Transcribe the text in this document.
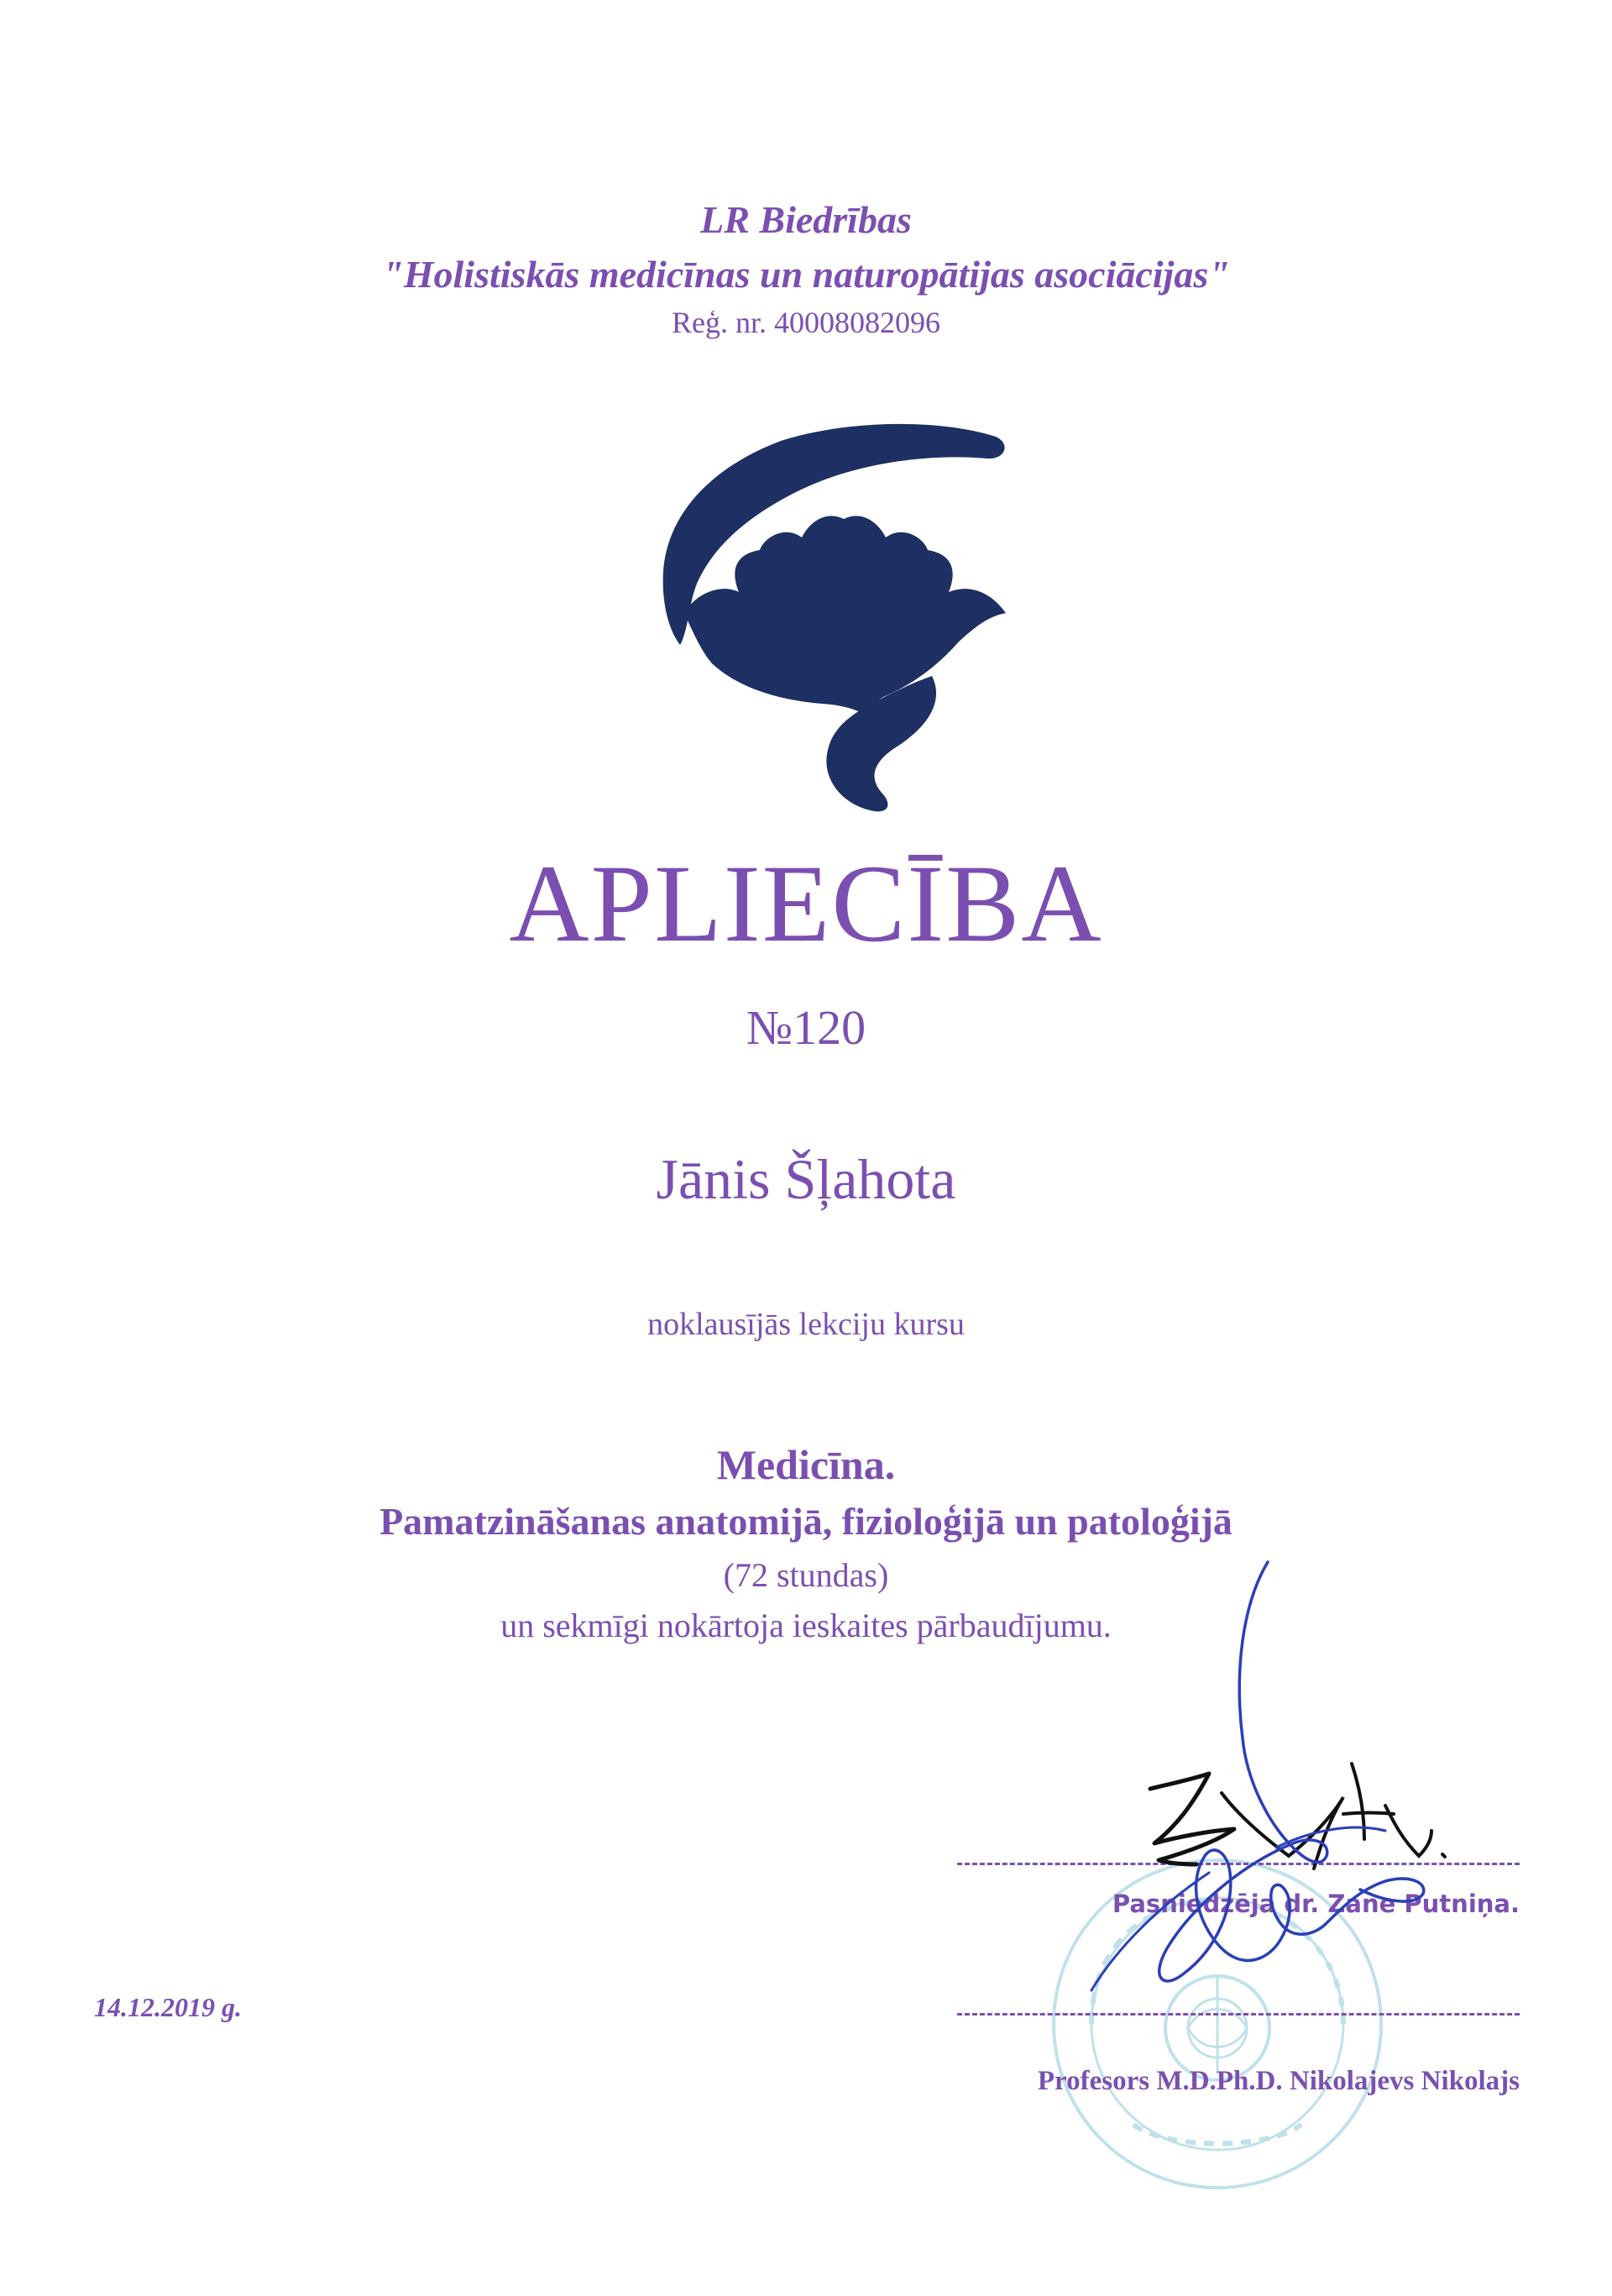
LR Biedrības
"Holistiskās medicīnas un naturopātijas asociācijas"
Reģ. nr. 40008082096
APLIECĪBA
№120
Jānis Šļahota
noklausījās lekciju kursu
Medicīna.
Pamatzināšanas anatomijā, fizioloģijā un patoloģijā
(72 stundas)
un sekmīgi nokārtoja ieskaites pārbaudījumu.
14.12.2019 g.
Pasniedzēja dr. Zane Putniņa.
Profesors M.D.Ph.D. Nikolajevs Nikolajs
